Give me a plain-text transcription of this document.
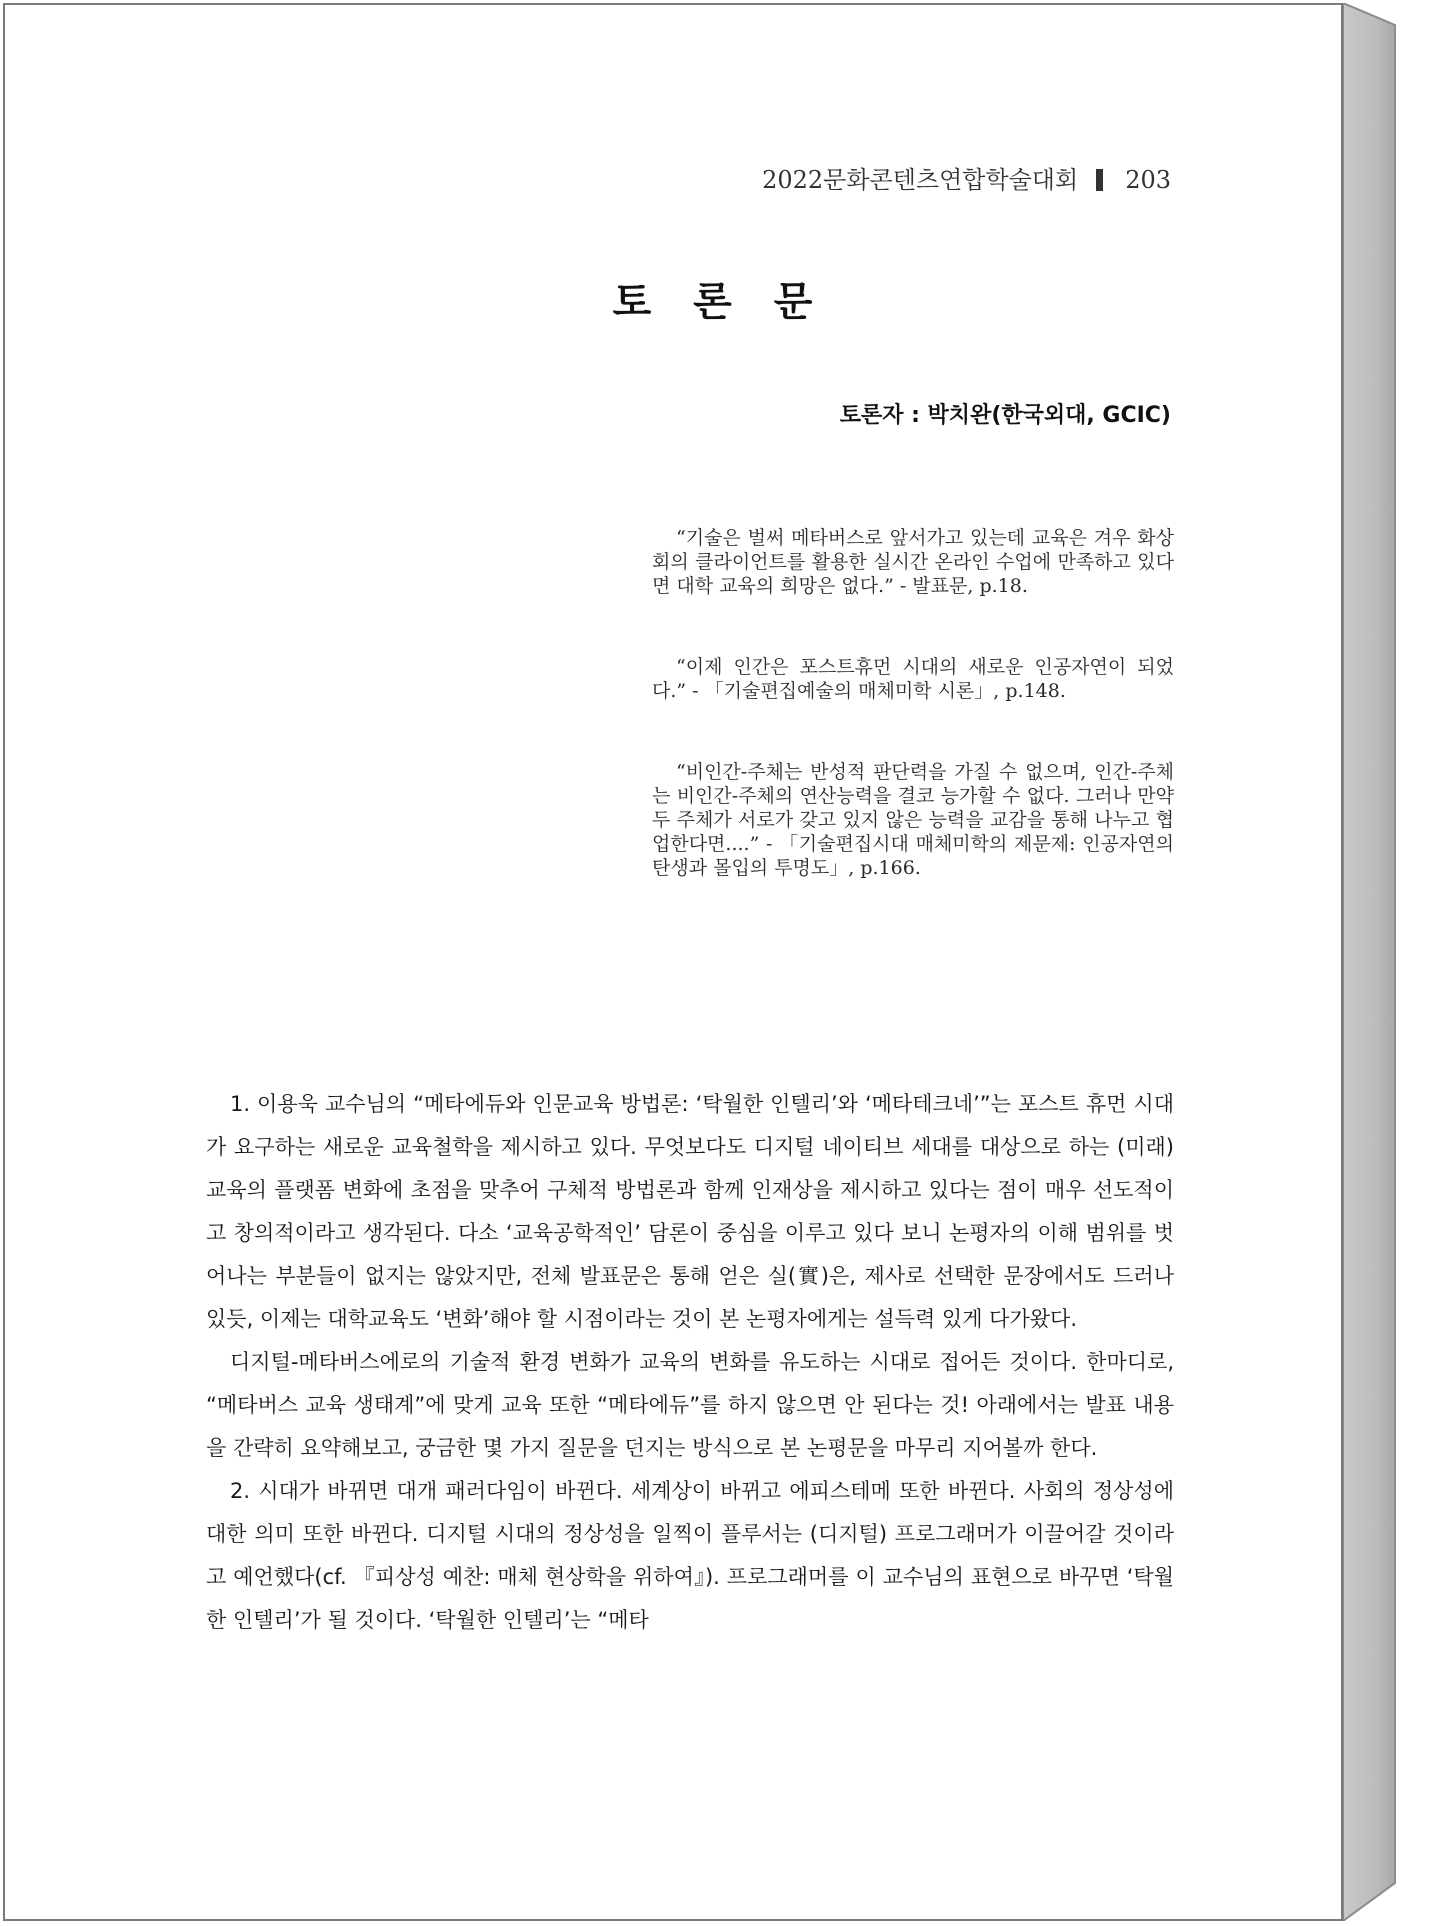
2022문화콘텐츠연합학술대회 203
토 론 문
토론자 : 박치완(한국외대, GCIC)

“기술은 벌써 메타버스로 앞서가고 있는데 교육은 겨우 화상회의 클라이언트를 활용한 실시간 온라인 수업에 만족하고 있다면 대학 교육의 희망은 없다.” - 발표문, p.18.

“이제 인간은 포스트휴먼 시대의 새로운 인공자연이 되었다.” - 「기술편집예술의 매체미학 시론」, p.148.

“비인간-주체는 반성적 판단력을 가질 수 없으며, 인간-주체는 비인간-주체의 연산능력을 결코 능가할 수 없다. 그러나 만약 두 주체가 서로가 갖고 있지 않은 능력을 교감을 통해 나누고 협업한다면....” - 「기술편집시대 매체미학의 제문제: 인공자연의 탄생과 몰입의 투명도」, p.166.

1. 이용욱 교수님의 “메타에듀와 인문교육 방법론: ‘탁월한 인텔리’와 ‘메타테크네’”는 포스트 휴먼 시대가 요구하는 새로운 교육철학을 제시하고 있다. 무엇보다도 디지털 네이티브 세대를 대상으로 하는 (미래) 교육의 플랫폼 변화에 초점을 맞추어 구체적 방법론과 함께 인재상을 제시하고 있다는 점이 매우 선도적이고 창의적이라고 생각된다. 다소 ‘교육공학적인’ 담론이 중심을 이루고 있다 보니 논평자의 이해 범위를 벗어나는 부분들이 없지는 않았지만, 전체 발표문은 통해 얻은 실(實)은, 제사로 선택한 문장에서도 드러나 있듯, 이제는 대학교육도 ‘변화’해야 할 시점이라는 것이 본 논평자에게는 설득력 있게 다가왔다.

디지털-메타버스에로의 기술적 환경 변화가 교육의 변화를 유도하는 시대로 접어든 것이다. 한마디로, “메타버스 교육 생태계”에 맞게 교육 또한 “메타에듀”를 하지 않으면 안 된다는 것! 아래에서는 발표 내용을 간략히 요약해보고, 궁금한 몇 가지 질문을 던지는 방식으로 본 논평문을 마무리 지어볼까 한다.

2. 시대가 바뀌면 대개 패러다임이 바뀐다. 세계상이 바뀌고 에피스테메 또한 바뀐다. 사회의 정상성에 대한 의미 또한 바뀐다. 디지털 시대의 정상성을 일찍이 플루서는 (디지털) 프로그래머가 이끌어갈 것이라고 예언했다(cf. 『피상성 예찬: 매체 현상학을 위하여』). 프로그래머를 이 교수님의 표현으로 바꾸면 ‘탁월한 인텔리’가 될 것이다. ‘탁월한 인텔리’는 “메타
